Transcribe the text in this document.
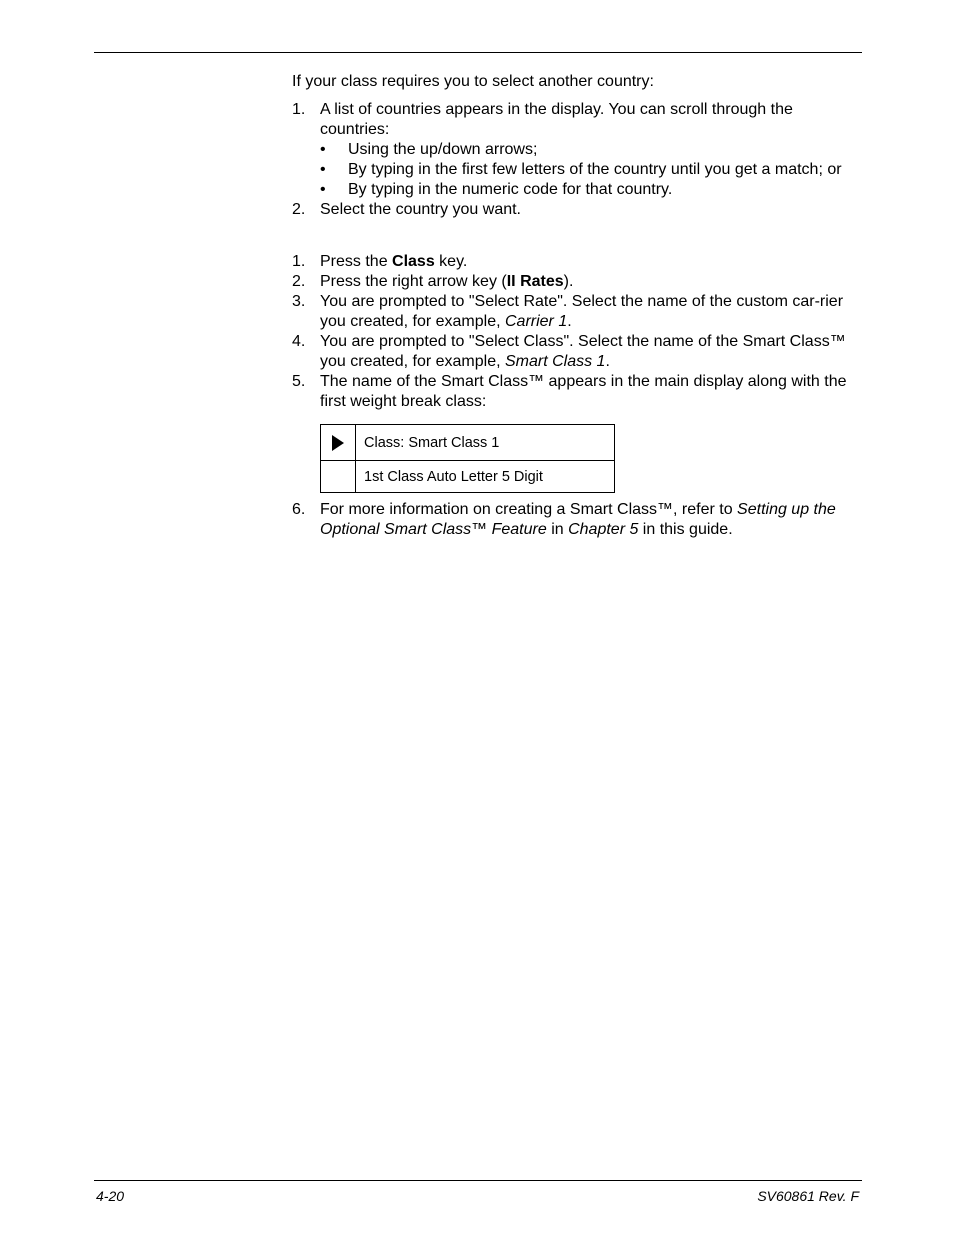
If your class requires you to select another country:

1. A list of countries appears in the display. You can scroll through the countries:
• Using the up/down arrows;
• By typing in the first few letters of the country until you get a match; or
• By typing in the numeric code for that country.
2. Select the country you want.
1. Press the Class key.
2. Press the right arrow key (II Rates).
3. You are prompted to "Select Rate". Select the name of the custom car-rier you created, for example, Carrier 1.
4. You are prompted to "Select Class". Select the name of the Smart Class™ you created, for example, Smart Class 1.
5. The name of the Smart Class™ appears in the main display along with the first weight break class:
	Class: Smart Class 1
	1st Class Auto Letter 5 Digit
6. For more information on creating a Smart Class™, refer to Setting up the Optional Smart Class™ Feature in Chapter 5 in this guide.
4-20	SV60861 Rev. F
